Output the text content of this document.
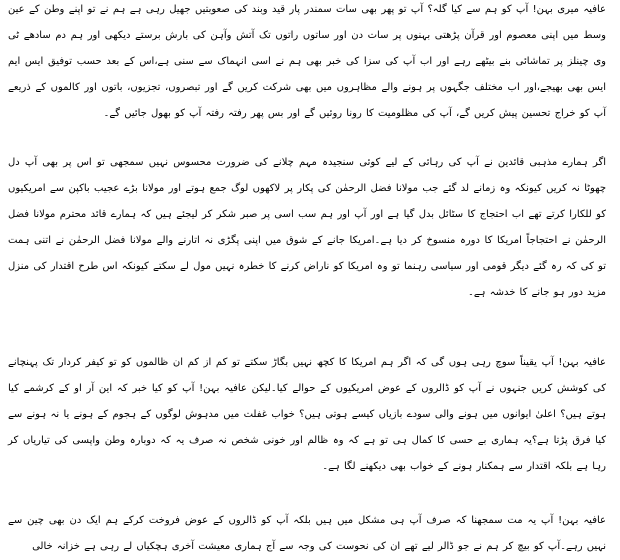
عافیہ میری بہن! آپ کو ہم سے کیا گلہ؟ آپ تو پھر بھی سات سمندر پار قید وبند کی صعوبتیں جھیل رہی ہے ہم نے تو اپنے وطن کے عین وسط میں اپنی معصوم اور قرآن پڑھتی بہنوں پر سات دن اور ساتوں راتوں تک آتش وآہن کی بارش برستے دیکھی اور ہم دم سادھے ٹی وی چینلز پر تماشائی بنے بیٹھے رہے اور اب آپ کی سزا کی خبر بھی ہم نے اسی انہماک سے سنی ہے،اس کے بعد حسب توفیق ایس ایم ایس بھی بھیجے،اور اب مختلف جگہوں پر ہونے والے مظاہروں میں بھی شرکت کریں گے اور تبصروں، تجزیوں، باتوں اور کالموں کے ذریعے آپ کو خراج تحسین پیش کریں گے، آپ کی مظلومیت کا رونا روئیں گے اور بس پھر رفتہ رفتہ آپ کو بھول جائیں گے۔

اگر ہمارے مذہبی قائدین نے آپ کی رہائی کے لیے کوئی سنجیدہ مہم چلانے کی ضرورت محسوس نہیں سمجھی تو اس پر بھی آپ دل چھوٹا نہ کریں کیونکہ وہ زمانے لد گئے جب مولانا فضل الرحمٰن کی پکار پر لاکھوں لوگ جمع ہوتے اور مولانا بڑے عجیب باکپن سے امریکیوں کو للکارا کرتے تھے اب احتجاج کا سٹائل بدل گیا ہے اور آپ اور ہم سب اسی پر صبر شکر کر لیجئے ہیں کہ ہمارے قائد محترم مولانا فضل الرحمٰن نے احتجاجاً امریکا کا دورہ منسوخ کر دیا ہے۔امریکا جانے کے شوق میں اپنی پگڑی نہ اتارنے والے مولانا فضل الرحمٰن نے اتنی ہمت تو کی کہ رہ گئے دیگر قومی اور سیاسی رہنما تو وہ امریکا کو ناراض کرنے کا خطرہ نہیں مول لے سکتے کیونکہ اس طرح اقتدار کی منزل مزید دور ہو جانے کا خدشہ ہے۔

عافیہ بہن! آپ یقیناً سوچ رہی ہوں گی کہ اگر ہم امریکا کا کچھ نہیں بگاڑ سکتے تو کم از کم ان ظالموں کو تو کیفر کردار تک پہنچانے کی کوشش کریں جنہوں نے آپ کو ڈالروں کے عوض امریکیوں کے حوالے کیا۔لیکن عافیہ بہن! آپ کو کیا خبر کہ این آر او کے کرشمے کیا ہوتے ہیں؟ اعلیٰ ایوانوں میں ہونے والی سودے بازیاں کیسے ہوتی ہیں؟ خواب غفلت میں مدہوش لوگوں کے ہجوم کے ہونے یا نہ ہونے سے کیا فرق پڑتا ہے؟یہ ہماری بے حسی کا کمال ہی تو ہے کہ وہ ظالم اور خونی شخص نہ صرف یہ کہ دوبارہ وطن واپسی کی تیاریاں کر رہا ہے بلکہ اقتدار سے ہمکنار ہونے کے خواب بھی دیکھنے لگا ہے۔

عافیہ بہن! آپ یہ مت سمجھنا کہ صرف آپ ہی مشکل میں ہیں بلکہ آپ کو ڈالروں کے عوض فروخت کرکے ہم ایک دن بھی چین سے نہیں رہے۔آپ کو بیچ کر ہم نے جو ڈالر لیے تھے ان کی نحوست کی وجہ سے آج ہماری معیشت آخری ہچکیاں لے رہی ہے خزانہ خالی
